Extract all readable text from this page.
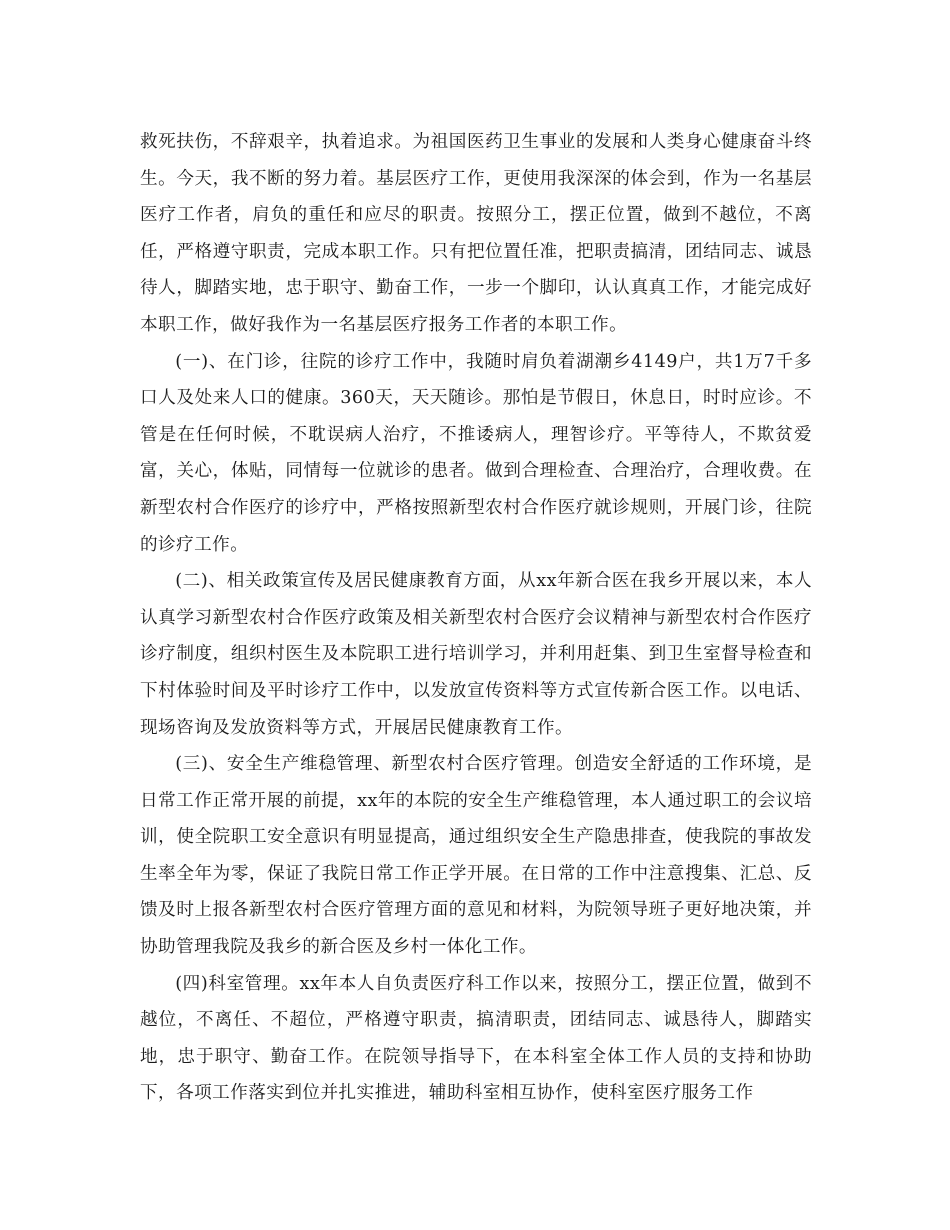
救死扶伤，不辞艰辛，执着追求。为祖国医药卫生事业的发展和人类身心健康奋斗终生。今天，我不断的努力着。基层医疗工作，更使用我深深的体会到，作为一名基层医疗工作者，肩负的重任和应尽的职责。按照分工，摆正位置，做到不越位，不离任，严格遵守职责，完成本职工作。只有把位置任准，把职责搞清，团结同志、诚恳待人，脚踏实地，忠于职守、勤奋工作，一步一个脚印，认认真真工作，才能完成好本职工作，做好我作为一名基层医疗报务工作者的本职工作。

(一)、在门诊，往院的诊疗工作中，我随时肩负着湖潮乡4149户，共1万7千多口人及处来人口的健康。360天，天天随诊。那怕是节假日，休息日，时时应诊。不管是在任何时候，不耽误病人治疗，不推诿病人，理智诊疗。平等待人，不欺贫爱富，关心，体贴，同情每一位就诊的患者。做到合理检查、合理治疗，合理收费。在新型农村合作医疗的诊疗中，严格按照新型农村合作医疗就诊规则，开展门诊，往院的诊疗工作。

(二)、相关政策宣传及居民健康教育方面，从xx年新合医在我乡开展以来，本人认真学习新型农村合作医疗政策及相关新型农村合医疗会议精神与新型农村合作医疗诊疗制度，组织村医生及本院职工进行培训学习，并利用赶集、到卫生室督导检查和下村体验时间及平时诊疗工作中，以发放宣传资料等方式宣传新合医工作。以电话、现场咨询及发放资料等方式，开展居民健康教育工作。

(三)、安全生产维稳管理、新型农村合医疗管理。创造安全舒适的工作环境，是日常工作正常开展的前提，xx年的本院的安全生产维稳管理，本人通过职工的会议培训，使全院职工安全意识有明显提高，通过组织安全生产隐患排查，使我院的事故发生率全年为零，保证了我院日常工作正学开展。在日常的工作中注意搜集、汇总、反馈及时上报各新型农村合医疗管理方面的意见和材料，为院领导班子更好地决策，并协助管理我院及我乡的新合医及乡村一体化工作。

(四)科室管理。xx年本人自负责医疗科工作以来，按照分工，摆正位置，做到不越位，不离任、不超位，严格遵守职责，搞清职责，团结同志、诚恳待人，脚踏实地，忠于职守、勤奋工作。在院领导指导下，在本科室全体工作人员的支持和协助下，各项工作落实到位并扎实推进，辅助科室相互协作，使科室医疗服务工作
